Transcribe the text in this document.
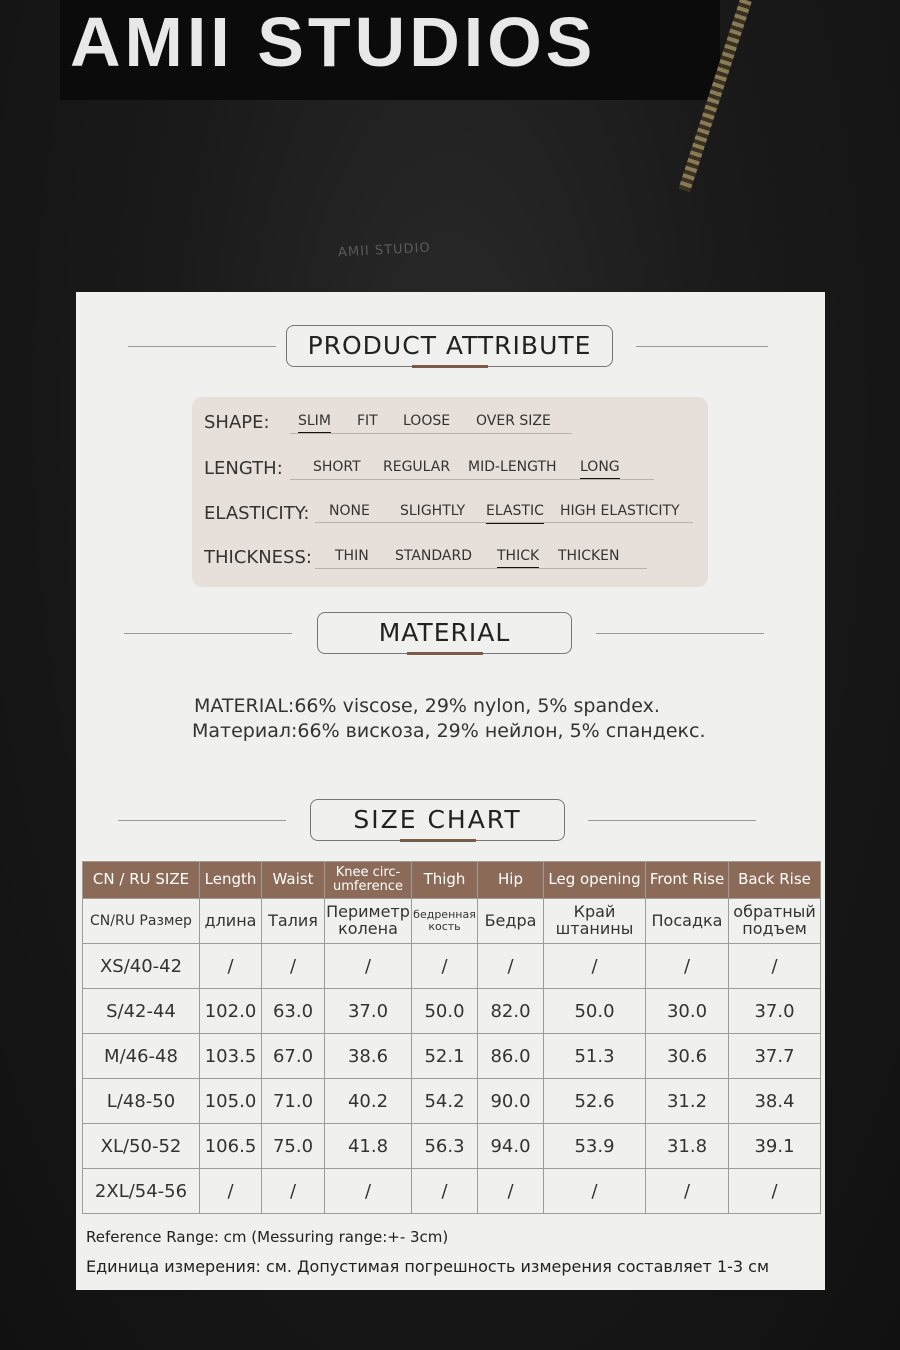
AMII STUDIOS
AMII STUDIO
PRODUCT ATTRIBUTE
SHAPE: SLIM FIT LOOSE OVER SIZE
LENGTH: SHORT REGULAR MID-LENGTH LONG
ELASTICITY: NONE SLIGHTLY ELASTIC HIGH ELASTICITY
THICKNESS: THIN STANDARD THICK THICKEN
MATERIAL
MATERIAL:66% viscose, 29% nylon, 5% spandex.
Материал:66% вискоза, 29% нейлон, 5% спандекс.
SIZE CHART
CN / RU SIZE	Length	Waist	Knee circ-umference	Thigh	Hip	Leg opening	Front Rise	Back Rise
CN/RU Размер	длина	Талия	Периметр колена	бедренная кость	Бедра	Край штанины	Посадка	обратный подъем
XS/40-42	/	/	/	/	/	/	/	/
S/42-44	102.0	63.0	37.0	50.0	82.0	50.0	30.0	37.0
M/46-48	103.5	67.0	38.6	52.1	86.0	51.3	30.6	37.7
L/48-50	105.0	71.0	40.2	54.2	90.0	52.6	31.2	38.4
XL/50-52	106.5	75.0	41.8	56.3	94.0	53.9	31.8	39.1
2XL/54-56	/	/	/	/	/	/	/	/
Reference Range: cm (Messuring range:+- 3cm)
Единица измерения: см. Допустимая погрешность измерения составляет 1-3 см
